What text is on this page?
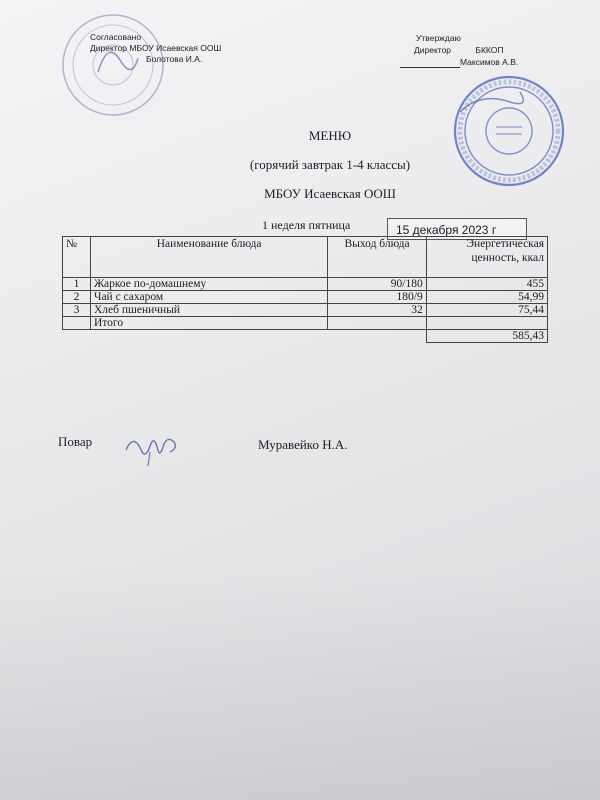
Согласовано
Директор МБОУ Исаевская ООШ
Болотова И.А.
Утверждаю
Директор	БККОП
Максимов А.В.
МЕНЮ
(горячий завтрак 1-4 классы)
МБОУ Исаевская ООШ
1 неделя пятница	15 декабря 2023 г
№	Наименование блюда	Выход блюда	Энергетическая ценность, ккал
1	Жаркое по-домашнему	90/180	455
2	Чай с сахаром	180/9	54,99
3	Хлеб пшеничный	32	75,44
	Итого		
			585,43
Повар	Муравейко Н.А.
